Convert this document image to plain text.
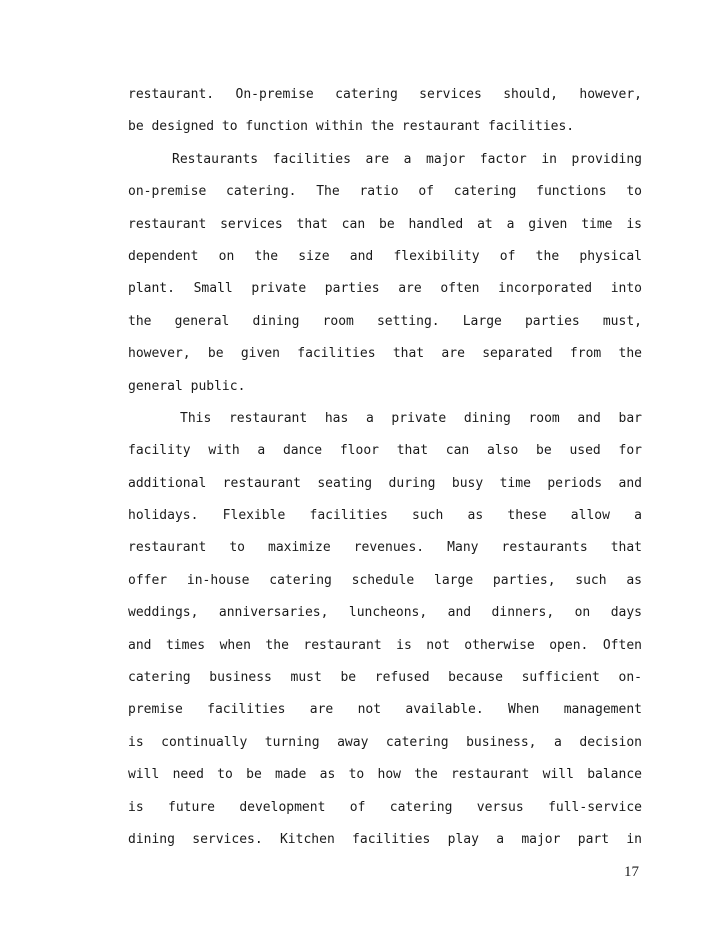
restaurant. On-premise catering services should, however,
be designed to function within the restaurant facilities.
Restaurants facilities are a major factor in providing
on-premise catering. The ratio of catering functions to
restaurant services that can be handled at a given time is
dependent on the size and flexibility of the physical
plant. Small private parties are often incorporated into
the general dining room setting. Large parties must,
however, be given facilities that are separated from the
general public.
This restaurant has a private dining room and bar
facility with a dance floor that can also be used for
additional restaurant seating during busy time periods and
holidays. Flexible facilities such as these allow a
restaurant to maximize revenues. Many restaurants that
offer in-house catering schedule large parties, such as
weddings, anniversaries, luncheons, and dinners, on days
and times when the restaurant is not otherwise open. Often
catering business must be refused because sufficient on-
premise facilities are not available. When management
is continually turning away catering business, a decision
will need to be made as to how the restaurant will balance
is future development of catering versus full-service
dining services. Kitchen facilities play a major part in
17
